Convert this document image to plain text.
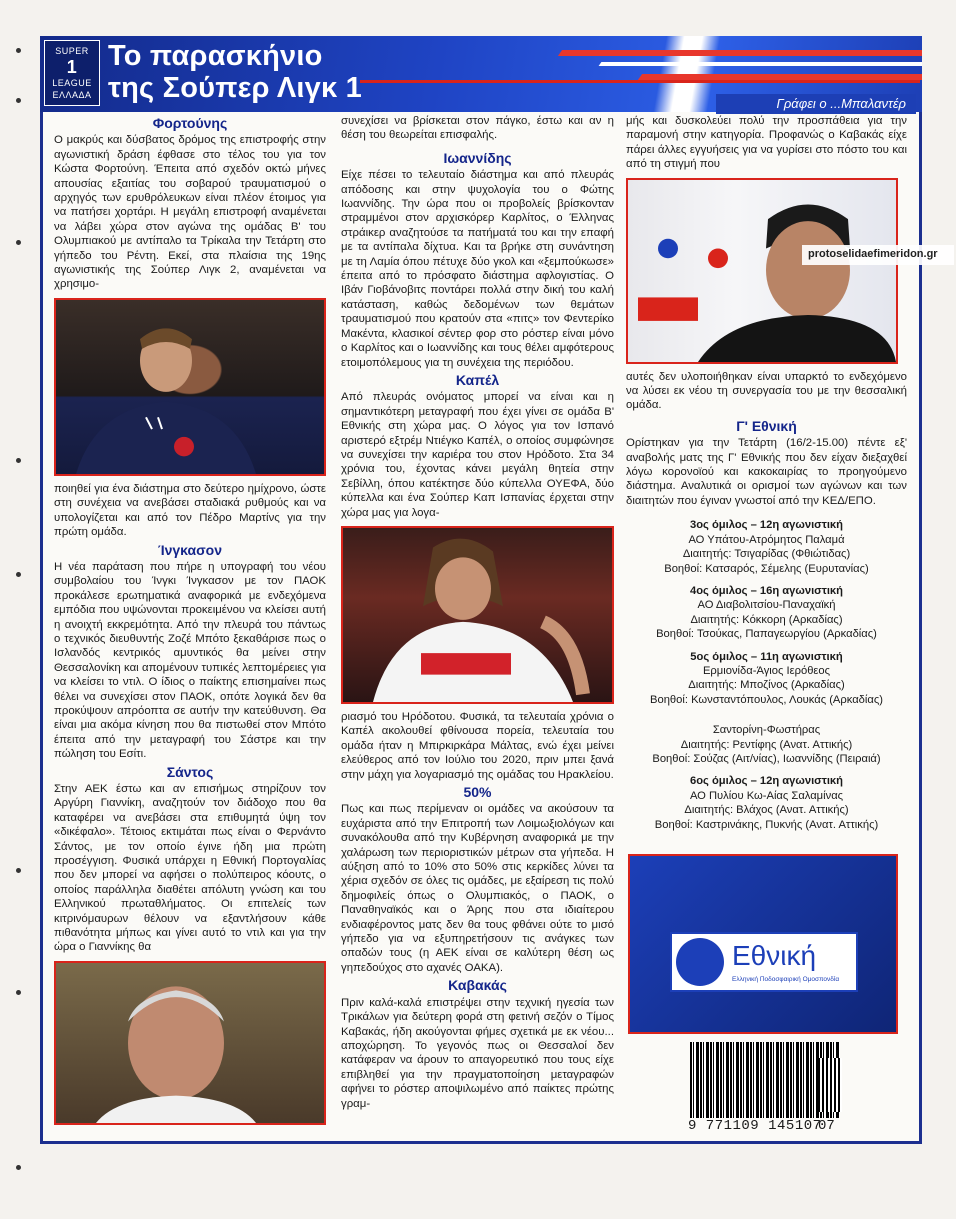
SUPER
1
LEAGUE
ΕΛΛΑΔΑ
Το παρασκήνιο
της Σούπερ Λιγκ 1	Γράφει ο ...Μπαλαντέρ
Φορτούνης

Ο μακρύς και δύσβατος δρόμος της επιστροφής στην αγωνιστική δράση έφθασε στο τέλος του για τον Κώστα Φορτούνη. Έπειτα από σχεδόν οκτώ μήνες απουσίας εξαιτίας του σοβαρού τραυματισμού ο αρχηγός των ερυθρόλευκων είναι πλέον έτοιμος για να πατήσει χορτάρι. Η μεγάλη επιστροφή αναμένεται να λάβει χώρα στον αγώνα της ομάδας Β' του Ολυμπιακού με αντίπαλο τα Τρίκαλα την Τετάρτη στο γήπεδο του Ρέντη. Εκεί, στα πλαίσια της 19ης αγωνιστικής της Σούπερ Λιγκ 2, αναμένεται να χρησιμο-

ποιηθεί για ένα διάστημα στο δεύτερο ημίχρονο, ώστε στη συνέχεια να ανεβάσει σταδιακά ρυθμούς και να υπολογίζεται και από τον Πέδρο Μαρτίνς για την πρώτη ομάδα.

Ίνγκασον

Η νέα παράταση που πήρε η υπογραφή του νέου συμβολαίου του Ίνγκι Ίνγκασον με τον ΠΑΟΚ προκάλεσε ερωτηματικά αναφορικά με ενδεχόμενα εμπόδια που υψώνονται προκειμένου να κλείσει αυτή η ανοιχτή εκκρεμότητα. Από την πλευρά του πάντως ο τεχνικός διευθυντής Ζοζέ Μπότο ξεκαθάρισε πως ο Ισλανδός κεντρικός αμυντικός θα μείνει στην Θεσσαλονίκη και απομένουν τυπικές λεπτομέρειες για να κλείσει το ντιλ. Ο ίδιος ο παίκτης επισημαίνει πως θέλει να συνεχίσει στον ΠΑΟΚ, οπότε λογικά δεν θα προκύψουν απρόοπτα σε αυτήν την κατεύθυνση. Θα είναι μια ακόμα κίνηση που θα πιστωθεί στον Μπότο έπειτα από την μεταγραφή του Σάστρε και την πώληση του Εσίτι.

Σάντος

Στην ΑΕΚ έστω και αν επισήμως στηρίζουν τον Αργύρη Γιαννίκη, αναζητούν τον διάδοχο που θα καταφέρει να ανεβάσει στα επιθυμητά ύψη τον «δικέφαλο». Τέτοιος εκτιμάται πως είναι ο Φερνάντο Σάντος, με τον οποίο έγινε ήδη μια πρώτη προσέγγιση. Φυσικά υπάρχει η Εθνική Πορτογαλίας που δεν μπορεί να αφήσει ο πολύπειρος κόουτς, ο οποίος παράλληλα διαθέτει απόλυτη γνώση και του Ελληνικού πρωταθλήματος. Οι επιτελείς των κιτρινόμαυρων θέλουν να εξαντλήσουν κάθε πιθανότητα μήπως και γίνει αυτό το ντιλ και για την ώρα ο Γιαννίκης θα

συνεχίσει να βρίσκεται στον πάγκο, έστω και αν η θέση του θεωρείται επισφαλής.

Ιωαννίδης

Είχε πέσει το τελευταίο διάστημα και από πλευράς απόδοσης και στην ψυχολογία του ο Φώτης Ιωαννίδης. Την ώρα που οι προβολείς βρίσκονταν στραμμένοι στον αρχισκόρερ Καρλίτος, ο Έλληνας στράικερ αναζητούσε τα πατήματά του και την επαφή με τα αντίπαλα δίχτυα. Και τα βρήκε στη συνάντηση με τη Λαμία όπου πέτυχε δύο γκολ και «ξεμπούκωσε» έπειτα από το πρόσφατο διάστημα αφλογιστίας. Ο Ιβάν Γιοβάνοβιτς ποντάρει πολλά στην δική του καλή κατάσταση, καθώς δεδομένων των θεμάτων τραυματισμού που κρατούν στα «πιτς» τον Φεντερίκο Μακέντα, κλασικοί σέντερ φορ στο ρόστερ είναι μόνο ο Καρλίτος και ο Ιωαννίδης και τους θέλει αμφότερους ετοιμοπόλεμους για τη συνέχεια της περιόδου.

Καπέλ

Από πλευράς ονόματος μπορεί να είναι και η σημαντικότερη μεταγραφή που έχει γίνει σε ομάδα Β' Εθνικής στη χώρα μας. Ο λόγος για τον Ισπανό αριστερό εξτρέμ Ντιέγκο Καπέλ, ο οποίος συμφώνησε να συνεχίσει την καριέρα του στον Ηρόδοτο. Στα 34 χρόνια του, έχοντας κάνει μεγάλη θητεία στην Σεβίλλη, όπου κατέκτησε δύο κύπελλα ΟΥΕΦΑ, δύο κύπελλα και ένα Σούπερ Καπ Ισπανίας έρχεται στην χώρα μας για λογα-

ριασμό του Ηρόδοτου. Φυσικά, τα τελευταία χρόνια ο Καπέλ ακολουθεί φθίνουσα πορεία, τελευταία του ομάδα ήταν η Μπιρκιρκάρα Μάλτας, ενώ έχει μείνει ελεύθερος από τον Ιούλιο του 2020, πριν μπει ξανά στην μάχη για λογαριασμό της ομάδας του Ηρακλείου.

50%

Πως και πως περίμεναν οι ομάδες να ακούσουν τα ευχάριστα από την Επιτροπή των Λοιμωξιολόγων και συνακόλουθα από την Κυβέρνηση αναφορικά με την χαλάρωση των περιοριστικών μέτρων στα γήπεδα. Η αύξηση από το 10% στο 50% στις κερκίδες λύνει τα χέρια σχεδόν σε όλες τις ομάδες, με εξαίρεση τις πολύ δημοφιλείς όπως ο Ολυμπιακός, ο ΠΑΟΚ, ο Παναθηναϊκός και ο Άρης που στα ιδιαίτερου ενδιαφέροντος ματς δεν θα τους φθάνει ούτε το μισό γήπεδο για να εξυπηρετήσουν τις ανάγκες των οπαδών τους (η ΑΕΚ είναι σε καλύτερη θέση ως γηπεδούχος στο αχανές ΟΑΚΑ).

Καβακάς

Πριν καλά-καλά επιστρέψει στην τεχνική ηγεσία των Τρικάλων για δεύτερη φορά στη φετινή σεζόν ο Τίμος Καβακάς, ήδη ακούγονται φήμες σχετικά με εκ νέου... αποχώρηση. Το γεγονός πως οι Θεσσαλοί δεν κατάφεραν να άρουν το απαγορευτικό που τους είχε επιβληθεί για την πραγματοποίηση μεταγραφών αφήνει το ρόστερ αποψιλωμένο από παίκτες πρώτης γραμ-

μής και δυσκολεύει πολύ την προσπάθεια για την παραμονή στην κατηγορία. Προφανώς ο Καβακάς είχε πάρει άλλες εγγυήσεις για να γυρίσει στο πόστο του και από τη στιγμή που

αυτές δεν υλοποιήθηκαν είναι υπαρκτό το ενδεχόμενο να λύσει εκ νέου τη συνεργασία του με την θεσσαλική ομάδα.

Γ' Εθνική

Ορίστηκαν για την Τετάρτη (16/2-15.00) πέντε εξ' αναβολής ματς της Γ' Εθνικής που δεν είχαν διεξαχθεί λόγω κορονοϊού και κακοκαιρίας το προηγούμενο διάστημα. Αναλυτικά οι ορισμοί των αγώνων και των διαιτητών που έγιναν γνωστοί από την ΚΕΔ/ΕΠΟ.

3ος όμιλος – 12η αγωνιστική
ΑΟ Υπάτου-Ατρόμητος Παλαμά
Διαιτητής: Τσιγαρίδας (Φθιώτιδας)
Βοηθοί: Κατσαρός, Σέμελης (Ευρυτανίας)
4ος όμιλος – 16η αγωνιστική
ΑΟ Διαβολιτσίου-Παναχαϊκή
Διαιτητής: Κόκκορη (Αρκαδίας)
Βοηθοί: Τσούκας, Παπαγεωργίου (Αρκαδίας)
5ος όμιλος – 11η αγωνιστική
Ερμιονίδα-Άγιος Ιερόθεος
Διαιτητής: Μποζίνος (Αρκαδίας)
Βοηθοί: Κωνσταντόπουλος, Λουκάς (Αρκαδίας)
Σαντορίνη-Φωστήρας
Διαιτητής: Ρεντίφης (Ανατ. Αττικής)
Βοηθοί: Σούζας (Αιτ/νίας), Ιωαννίδης (Πειραιά)
6ος όμιλος – 12η αγωνιστική
ΑΟ Πυλίου Κω-Αίας Σαλαμίνας
Διαιτητής: Βλάχος (Ανατ. Αττικής)
Βοηθοί: Καστρινάκης, Πυκνής (Ανατ. Αττικής)
protoselidaefimeridon.gr
Εθνική
Ελληνική Ποδοσφαιρική Ομοσπονδία
9 771109 145107
07
